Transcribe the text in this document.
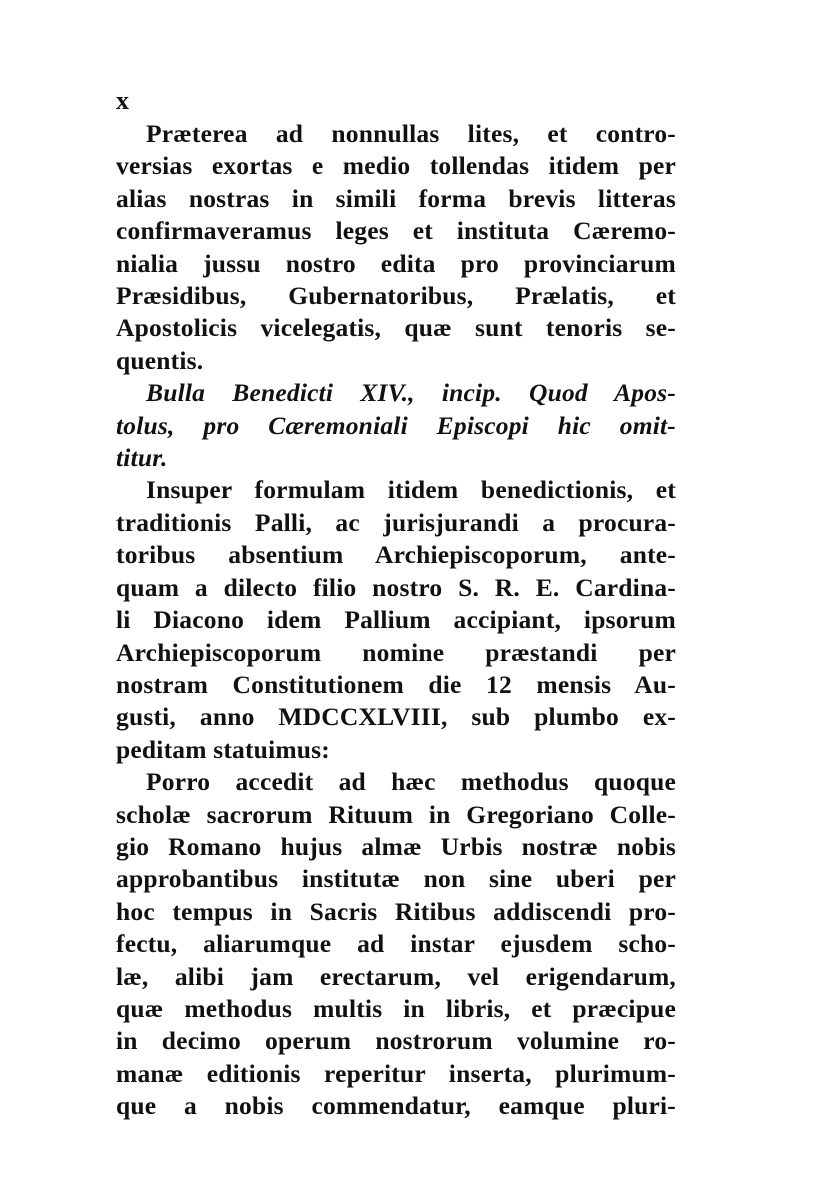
x
Præterea ad nonnullas lites, et contro-
versias exortas e medio tollendas itidem per
alias nostras in simili forma brevis litteras
confirmaveramus leges et instituta Cæremo-
nialia jussu nostro edita pro provinciarum
Præsidibus, Gubernatoribus, Prælatis, et
Apostolicis vicelegatis, quæ sunt tenoris se-
quentis.
Bulla Benedicti XIV., incip. Quod Apos-
tolus, pro Cæremoniali Episcopi hic omit-
titur.
Insuper formulam itidem benedictionis, et
traditionis Palli, ac jurisjurandi a procura-
toribus absentium Archiepiscoporum, ante-
quam a dilecto filio nostro S. R. E. Cardina-
li Diacono idem Pallium accipiant, ipsorum
Archiepiscoporum nomine præstandi per
nostram Constitutionem die 12 mensis Au-
gusti, anno MDCCXLVIII, sub plumbo ex-
peditam statuimus:
Porro accedit ad hæc methodus quoque
scholæ sacrorum Rituum in Gregoriano Colle-
gio Romano hujus almæ Urbis nostræ nobis
approbantibus institutæ non sine uberi per
hoc tempus in Sacris Ritibus addiscendi pro-
fectu, aliarumque ad instar ejusdem scho-
læ, alibi jam erectarum, vel erigendarum,
quæ methodus multis in libris, et præcipue
in decimo operum nostrorum volumine ro-
manæ editionis reperitur inserta, plurimum-
que a nobis commendatur, eamque pluri-
